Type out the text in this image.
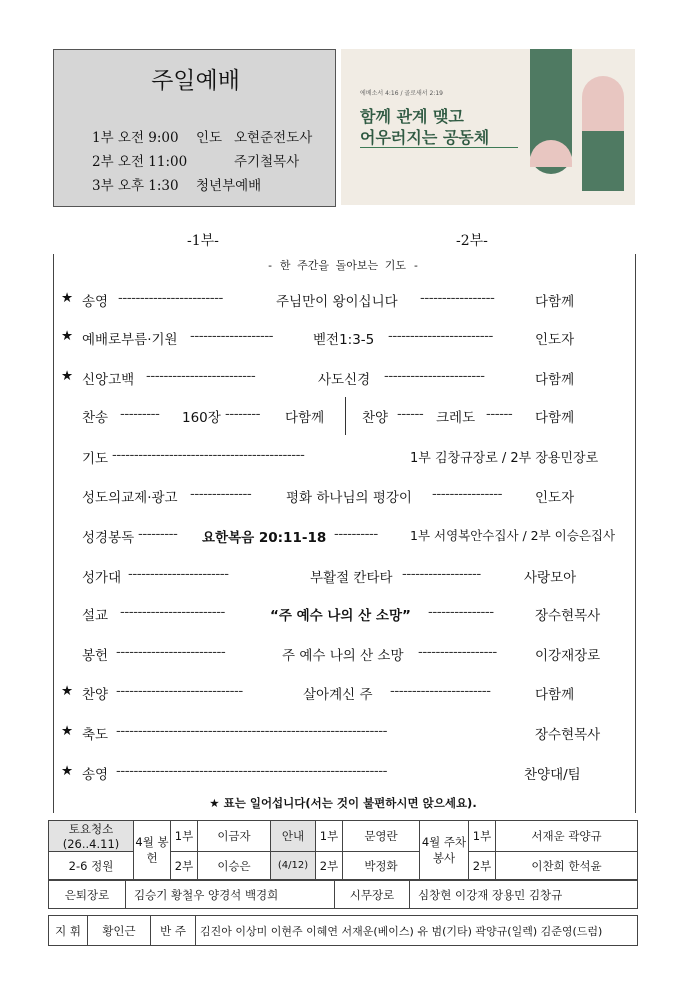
주일예배
1부 오전 9:00 인도 오현준전도사
2부 오전 11:00	주기철목사
3부 오후 1:30 청년부예배
에베소서 4:16 / 골로새서 2:19
함께 관계 맺고
어우러지는 공동체
-1부-	-2부-
- 한 주간을 돌아보는 기도 -
★ 송영 ------------------------	주님만이 왕이십니다 -----------------	다함께
★ 예배로부름·기원 -------------------	벧전1:3-5 ------------------------	인도자
★ 신앙고백 -------------------------	사도신경 -----------------------	다함께
찬송 --------- 160장 -------- 다함께	찬양 ------ 크레도 ------ 다함께
기도 --------------------------------------------	1부 김창규장로 / 2부 장용민장로
성도의교제·광고 --------------	평화 하나님의 평강이 ---------------- 인도자
성경봉독 --------- 요한복음 20:11-18 ----------	1부 서영복안수집사 / 2부 이승은집사
성가대 -----------------------	부활절 칸타타 ------------------	사랑모아
설교 ------------------------	“주 예수 나의 산 소망” ---------------	장수현목사
봉헌 -------------------------	주 예수 나의 산 소망 ------------------	이강재장로
★ 찬양 -----------------------------	살아계신 주 -----------------------	다함께
★ 축도 --------------------------------------------------------------	장수현목사
★ 송영 --------------------------------------------------------------	찬양대/팀
★ 표는 일어섭니다(서는 것이 불편하시면 앉으세요).
토요청소 (26..4.11)	4월 봉헌	1부	이금자	안내	1부	문영란	4월 주차봉사	1부	서재운 곽양규
2-6 정원		2부	이승은	(4/12)	2부	박정화		2부	이찬희 한석윤
은퇴장로	김승기 황철우 양경석 백경희	시무장로	심창현 이강재 장용민 김창규
지 휘	황인근	반 주	김진아 이상미 이현주 이혜연 서재운(베이스) 유 범(기타) 곽양규(일렉) 김준영(드럼)
